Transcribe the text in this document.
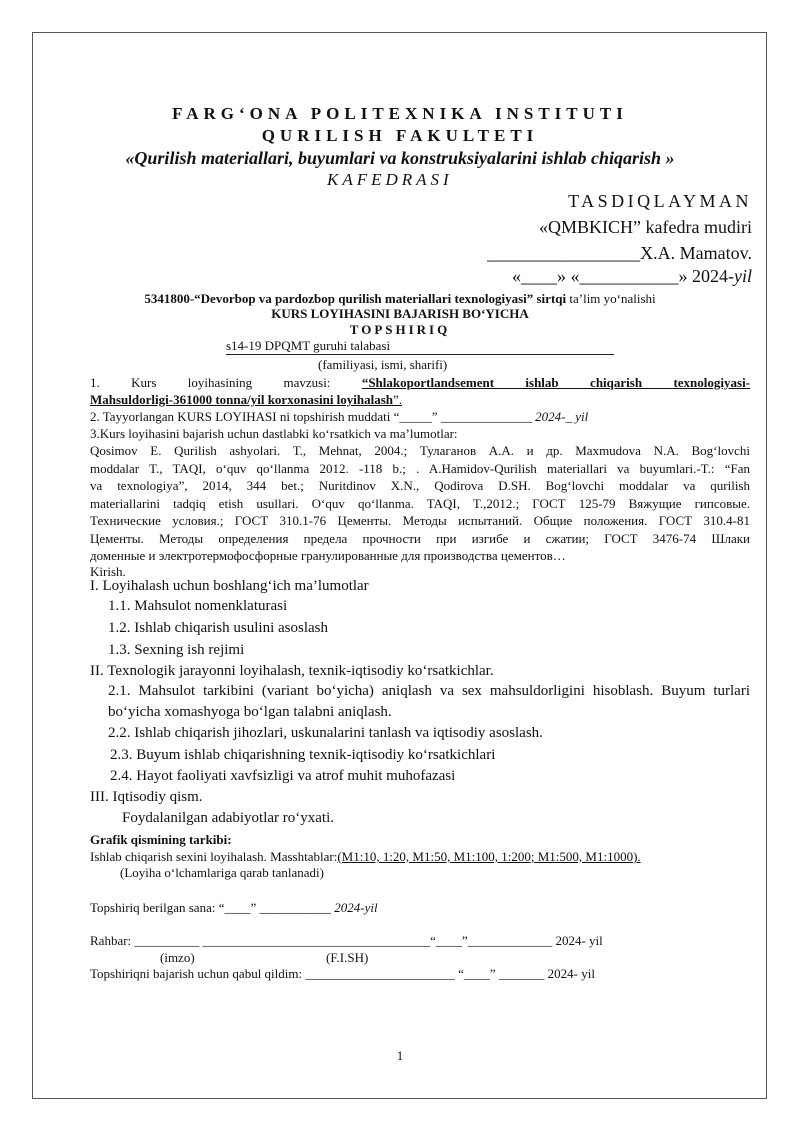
FARG‘ONA POLITEXNIKA INSTITUTI
QURILISH FAKULTETI
«Qurilish materiallari, buyumlari va konstruksiyalarini ishlab chiqarish »
KAFEDRASI
TASDIQLAYMAN
«QMBKICH” kafedra mudiri
_________________X.A. Mamatov.
«____» «___________» 2024-yil
5341800-“Devorbop va pardozbop qurilish materiallari texnologiyasi” sirtqi ta’lim yo‘nalishi
KURS LOYIHASINI BAJARISH BO‘YICHA
TOPSHIRIQ
s14-19 DPQMT guruhi talabasi
(familiyasi, ismi, sharifi)
1. Kurs loyihasining mavzusi: “Shlakoportlandsement ishlab chiqarish texnologiyasi-
Mahsuldorligi-361000 tonna/yil korxonasini loyihalash”.
2. Tayyorlangan KURS LOYIHASI ni topshirish muddati “_____” ______________ 2024-_ yil
3.Kurs loyihasini bajarish uchun dastlabki ko‘rsatkich va ma’lumotlar:
Qosimov E. Qurilish ashyolari. T., Mehnat, 2004.; Тулаганов А.А. и др. Maxmudova N.A. Bog‘lovchi
moddalar T., TAQI, o‘quv qo‘llanma 2012. -118 b.; . A.Hamidov-Qurilish materiallari va buyumlari.-T.: “Fan
va texnologiya”, 2014, 344 bet.; Nuritdinov X.N., Qodirova D.SH. Bog‘lovchi moddalar va qurilish
materiallarini tadqiq etish usullari. O‘quv qo‘llanma. TAQI, T.,2012.; ГОСТ 125-79 Вяжущие гипсовые.
Технические условия.; ГОСТ 310.1-76 Цементы. Методы испытаний. Общие положения. ГОСТ 310.4-81
Цементы. Методы определения предела прочности при изгибе и сжатии; ГОСТ 3476-74 Шлаки
доменные и электротермофосфорные гранулированные для производства цементов…
Kirish.
I. Loyihalash uchun boshlang‘ich ma’lumotlar
1.1. Mahsulot nomenklaturasi
1.2. Ishlab chiqarish usulini asoslash
1.3. Sexning ish rejimi
II. Texnologik jarayonni loyihalash, texnik-iqtisodiy ko‘rsatkichlar.
2.1. Mahsulot tarkibini (variant bo‘yicha) aniqlash va sex mahsuldorligini hisoblash. Buyum turlari
bo‘yicha xomashyoga bo‘lgan talabni aniqlash.
2.2. Ishlab chiqarish jihozlari, uskunalarini tanlash va iqtisodiy asoslash.
2.3. Buyum ishlab chiqarishning texnik-iqtisodiy ko‘rsatkichlari
2.4. Hayot faoliyati xavfsizligi va atrof muhit muhofazasi
III. Iqtisodiy qism.
Foydalanilgan adabiyotlar ro‘yxati.
Grafik qismining tarkibi:
Ishlab chiqarish sexini loyihalash. Masshtablar:(M1:10, 1:20, M1:50, M1:100, 1:200; M1:500, M1:1000).
(Loyiha o‘lchamlariga qarab tanlanadi)
Topshiriq berilgan sana: “____” ___________ 2024-yil
Rahbar: __________ ___________________________________“____”_____________ 2024- yil
(imzo)	(F.I.SH)
Topshiriqni bajarish uchun qabul qildim: _______________________ “____” _______ 2024- yil
1
